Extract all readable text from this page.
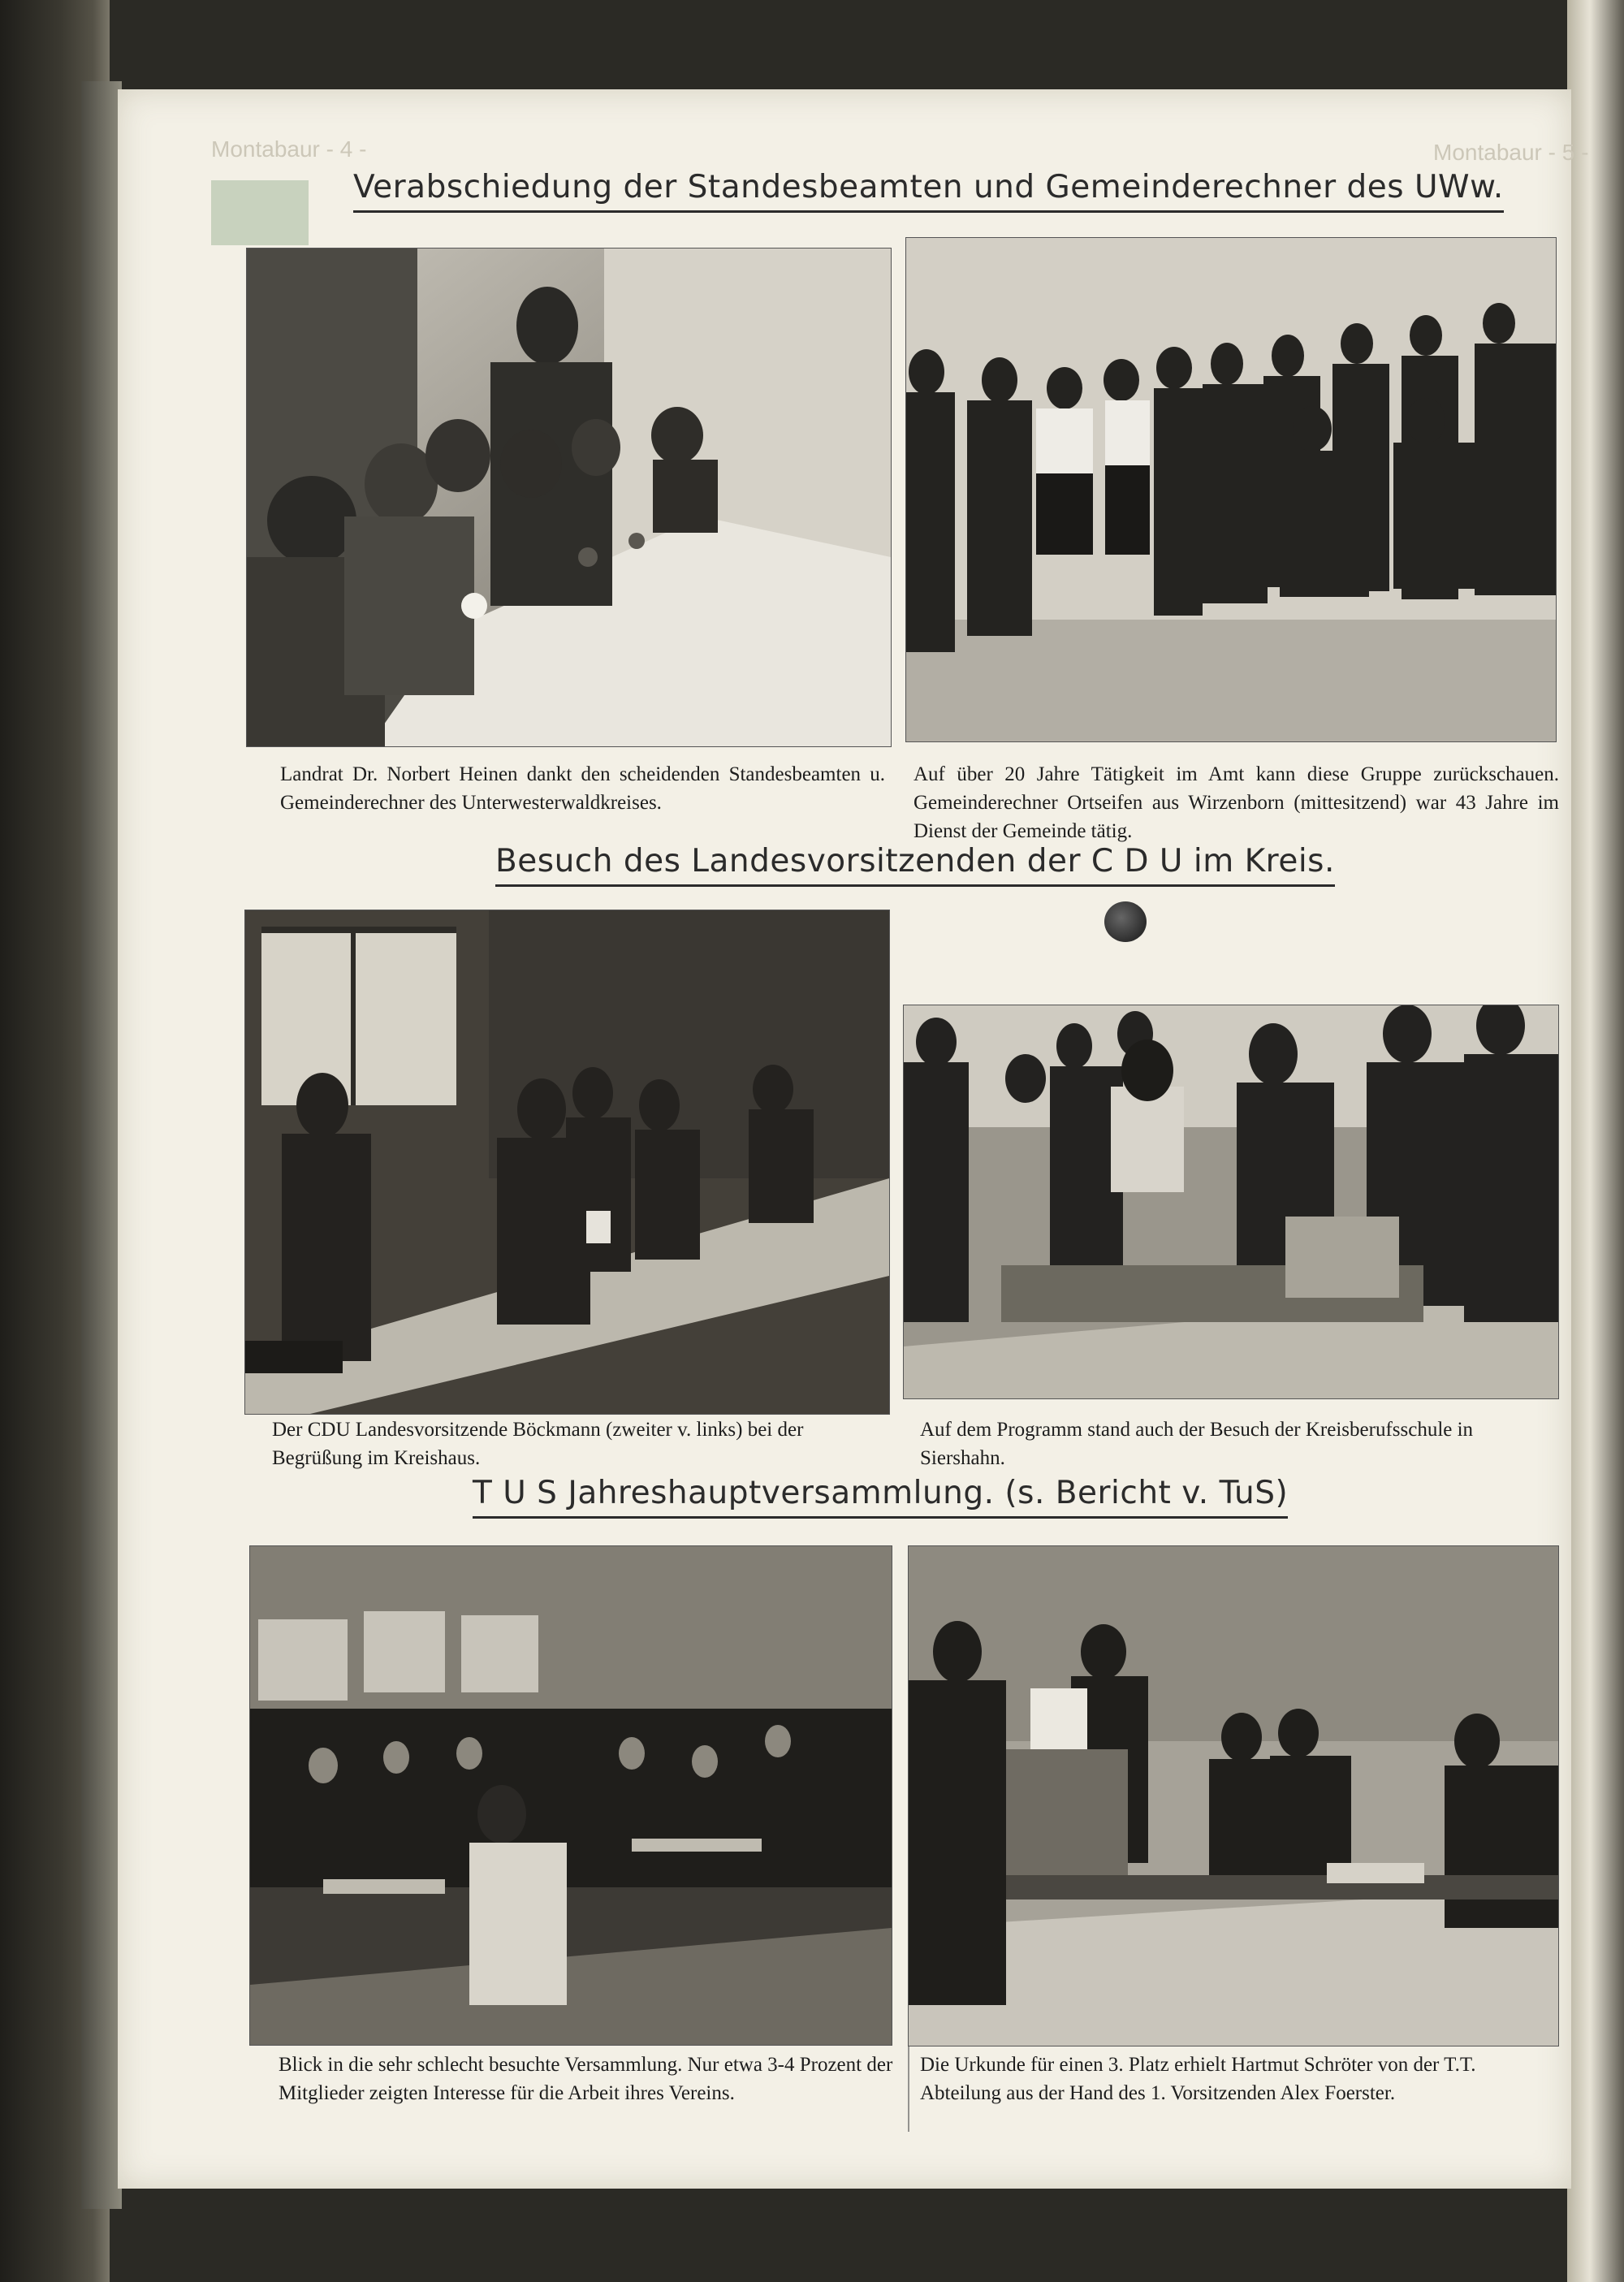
Montabaur - 4 -	Montabaur - 5 -
Verabschiedung der Standesbeamten und Gemeinderechner des UWw.
Landrat Dr. Norbert Heinen dankt den scheidenden Standesbeamten u. Gemeinderechner des Unterwesterwaldkreises.
Auf über 20 Jahre Tätigkeit im Amt kann diese Gruppe zurückschauen. Gemeinderechner Ortseifen aus Wirzenborn (mittesitzend) war 43 Jahre im Dienst der Gemeinde tätig.
Besuch des Landesvorsitzenden der C D U im Kreis.
Der CDU Landesvorsitzende Böckmann (zweiter v. links) bei der Begrüßung im Kreishaus.
Auf dem Programm stand auch der Besuch der Kreisberufsschule in Siershahn.
T U S Jahreshauptversammlung. (s. Bericht v. TuS)
Blick in die sehr schlecht besuchte Versammlung. Nur etwa 3-4 Prozent der Mitglieder zeigten Interesse für die Arbeit ihres Vereins.
Die Urkunde für einen 3. Platz erhielt Hartmut Schröter von der T.T. Abteilung aus der Hand des 1. Vorsitzenden Alex Foerster.
